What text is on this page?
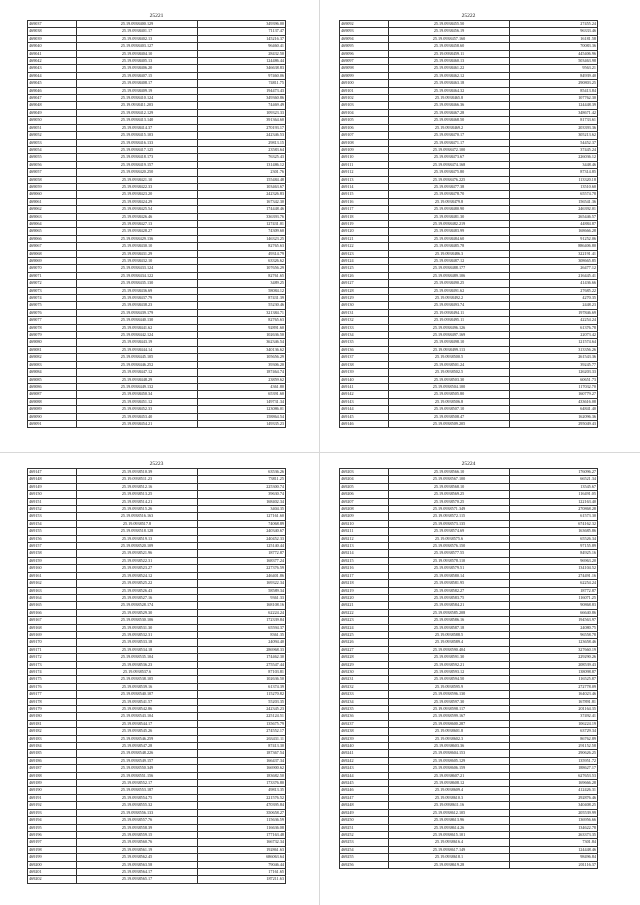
25221
469037	25.19.0938400.129	349396.00
469038	25.19.0938401.17	71137.47
469039	25.19.0938402.13	145216.37
469040	25.19.0938403.127	96460.41
469041	25.19.0938404.10	28432.50
469042	25.19.0938405.13	124486.44
469043	25.19.0938406.20	346638.83
469044	25.19.0938407.15	97460.06
469045	25.19.0938408.17	74811.75
469046	25.19.0938409.19	194473.43
469047	25.19.0938410.124	349360.86
469048	25.19.0938411.203	74469.49
469049	25.19.0938412.129	109323.33
469050	25.19.0938413.140	391364.60
469051	25.19.0938414.37	270193.17
469052	25.19.0938415.103	242346.53
469053	25.19.0938416.133	29813.15
469054	25.19.0938417.125	23583.64
469055	25.19.0938418.173	76325.43
469056	25.19.0938419.157	131486.12
469057	25.19.0938420.250	2301.76
469058	25.19.0938421.10	155484.48
469059	25.19.0938422.33	103463.67
469060	25.19.0938423.20	242326.83
469061	25.19.0938424.29	167342.30
469062	25.19.0938425.54	174448.46
469063	25.19.0938426.46	336393.76
469064	25.19.0938427.13	127431.01
469065	25.19.0938428.27	74309.60
469066	25.19.0938429.136	146323.25
469067	25.19.0938430.10	82765.63
469068	25.19.0938431.29	49314.79
469069	25.19.0938432.10	63326.62
469070	25.19.0938433.124	107656.29
469071	25.19.0938434.122	82761.65
469072	25.19.0938435.130	3489.25
469073	25.19.0938436.69	58084.12
469074	25.19.0938437.79	87431.39
469075	25.19.0938438.23	55230.46
469076	25.19.0938439.179	321384.71
469077	25.19.0938440.130	82765.63
469078	25.19.0938441.62	92891.60
469079	25.19.0938442.124	102636.50
469080	25.19.0938443.19	362346.54
469081	25.19.0938444.14	340136.62
469082	25.19.0938445.105	105656.29
469083	25.19.0938446.252	39306.20
469084	25.19.0938447.12	187464.74
469085	25.19.0938448.29	23859.62
469086	25.19.0938449.132	4361.80
469087	25.19.0938450.34	65391.60
469088	25.19.0938451.12	149731.34
469089	25.19.0938452.33	123086.01
469090	25.19.0938453.40	158864.54
469091	25.19.0938454.21	149335.23
25222
469092	25.19.0938455.50	27455.24
469093	25.19.0938456.19	96333.46
469094	25.19.0938457.160	16181.58
469095	25.19.0938458.60	70083.36
469096	25.19.0938459.11	445406.96
469097	25.19.0938460.13	503463.98
469098	25.19.0938461.22	9563.21
469099	25.19.0938462.12	84939.40
469100	25.19.0938463.18	290803.25
469101	25.19.0938464.32	85413.84
469102	25.19.0938465.8	107762.30
469103	25.19.0938466.36	124448.39
469104	25.19.0938467.28	348671.42
469105	25.19.0938468.50	81733.61
469106	25.19.0938469.2	203393.36
469107	25.19.0938470.17	305213.62
469108	25.19.0938471.17	54452.37
469109	25.19.0938472.100	37445.24
469110	25.19.0938473.67	226036.12
469111	25.19.0938474.168	3448.46
469112	25.19.0938475.80	87314.85
469113	25.19.0938476.225	113320.18
469114	25.19.0938477.38	13510.60
469115	25.19.0938478.70	65574.78
469116	25.19.0938479.8	156541.36
469117	25.19.0938480.90	246392.01
469118	25.19.0938481.30	265446.57
469119	25.19.0938482.219	44884.87
469120	25.19.0938483.99	168666.28
469121	25.19.0938484.60	91252.06
469122	25.19.0938485.78	886406.80
469123	25.19.0938486.3	322191.41
469124	25.19.0938487.12	308665.85
469125	25.19.0938488.177	26477.12
469126	25.19.0938489.106	216445.41
469127	25.19.0938490.25	41436.66
469128	25.19.0938491.62	27685.22
469129	25.19.0938492.2	4270.35
469130	25.19.0938493.74	2448.23
469131	25.19.0938494.11	197846.69
469132	25.19.0938495.11	42254.24
469133	25.19.0938496.126	61376.78
469134	25.19.0938497.169	22073.42
469135	25.19.0938498.10	121574.64
469136	25.19.0938499.113	313356.26
469137	25.19.0938500.5	261543.36
469138	25.19.0938501.24	39245.77
469139	25.19.0938502.5	126203.33
469140	25.19.0938503.30	60651.73
469141	25.19.0938504.100	117032.70
469142	25.19.0938505.80	160779.27
469143	25.19.0938506.8	433616.08
469144	25.19.0938507.10	64841.40
469145	25.19.0938508.47	162096.36
469146	25.19.0938509.205	295049.43
25223
469147	25.19.0938510.39	63536.26
469148	25.19.0938511.23	73811.25
469149	25.19.0938512.16	225300.74
469150	25.19.0938513.25	39630.74
469151	25.19.0938514.21	168402.34
469152	25.19.0938515.26	3404.35
469153	25.19.0938516.163	127161.60
469154	25.19.0938517.8	74068.89
469155	25.19.0938518.128	240340.67
469156	25.19.0938519.13	240452.33
469157	25.19.0938520.109	125140.44
469158	25.19.0938521.96	18772.87
469159	25.19.0938522.31	168377.24
469160	25.19.0938523.27	227376.59
469161	25.19.0938524.12	246401.86
469162	25.19.0938525.22	169322.34
469163	25.19.0938526.43	58589.34
469164	25.19.0938527.16	9361.33
469165	25.19.0938528.174	168108.16
469166	25.19.0938529.30	62224.24
469167	25.19.0938530.106	172339.84
469168	25.19.0938531.30	65594.37
469169	25.19.0938532.31	8361.35
469170	25.19.0938533.18	24094.40
469171	25.19.0938534.18	286968.33
469172	25.19.0938535.104	174462.30
469173	25.19.0938536.23	275547.44
469174	25.19.0938537.6	87103.81
469175	25.19.0938538.105	102636.50
469176	25.19.0938539.16	61374.39
469177	25.19.0938540.107	115270.82
469178	25.19.0938541.57	55203.35
469179	25.19.0938542.86	242345.23
469180	25.19.0938543.104	225124.51
469181	25.19.0938544.17	135675.79
469182	25.19.0938545.26	274552.17
469183	25.19.0938546.259	263431.11
469184	25.19.0938547.28	87413.30
469185	25.19.0938548.226	187367.54
469186	25.19.0938549.157	166437.34
469187	25.19.0938550.349	166900.62
469188	25.19.0938551.156	183682.50
469189	25.19.0938552.17	173376.80
469190	25.19.0938553.187	49813.35
469191	25.19.0938554.75	221576.52
469192	25.19.0938555.32	470395.84
469193	25.19.0938556.133	350658.27
469194	25.19.0938557.76	115636.59
469195	25.19.0938558.39	116636.08
469196	25.19.0938559.15	177163.48
469197	25.19.0938560.76	166732.34
469198	25.19.0938561.19	192861.63
469199	25.19.0938562.45	686063.64
469200	25.19.0938563.58	79046.44
469201	25.19.0938564.17	17161.65
469202	25.19.0938565.17	187211.63
25224
469203	25.19.0938566.10	176096.27
469204	25.19.0938567.100	66521.34
469205	25.19.0938568.10	13545.67
469206	25.19.0938569.25	116491.05
469207	25.19.0938570.25	122163.40
469208	25.19.0938571.349	270868.28
469209	25.19.0938572.115	61573.30
469210	25.19.0938573.135	674162.32
469211	25.19.0938574.69	163685.86
469212	25.19.0938575.6	65526.34
469213	25.19.0938576.150	97155.89
469214	25.19.0938577.55	84925.16
469215	25.19.0938578.110	96963.20
469216	25.19.0938579.51	134104.52
469217	25.19.0938580.14	274491.16
469218	25.19.0938581.95	62254.24
469219	25.19.0938582.27	18772.87
469220	25.19.0938583.75	116071.25
469221	25.19.0938584.21	90868.83
469222	25.19.0938585.208	66640.86
469223	25.19.0938586.16	194563.97
469224	25.19.0938587.18	24080.75
469225	25.19.0938588.5	96558.78
469226	25.19.0938589.4	123658.46
469227	25.19.0938590.404	327660.19
469228	25.19.0938591.30	229290.26
469229	25.19.0938592.21	208539.43
469230	25.19.0938593.12	138098.87
469231	25.19.0938594.50	116525.87
469232	25.19.0938595.9	272778.09
469233	25.19.0938596.130	164023.46
469234	25.19.0938597.30	167891.81
469235	25.19.0938598.117	201164.35
469236	25.19.0938599.167	37492.41
469237	25.19.0938600.287	106224.19
469238	25.19.0938601.8	63729.34
469239	25.19.0938602.3	86762.89
469240	25.19.0938603.36	291152.58
469241	25.19.0938604.153	290626.25
469242	25.19.0938605.129	135951.72
469243	25.19.0938606.159	188627.17
469244	25.19.0938607.21	627653.53
469245	25.19.0938608.12	169666.28
469246	25.19.0938609.4	412426.31
469247	25.19.0938610.3	292876.46
469248	25.19.0938611.16	340408.25
469249	25.19.0938612.105	205539.99
469250	25.19.0938613.96	136956.66
469251	25.19.0938614.26	134622.78
469252	25.19.0938615.101	263373.35
469253	25.19.0938616.4	7301.84
469254	25.19.0938617.149	124448.46
469255	25.19.0938618.1	98496.84
469256	25.19.0938619.28	201116.37
